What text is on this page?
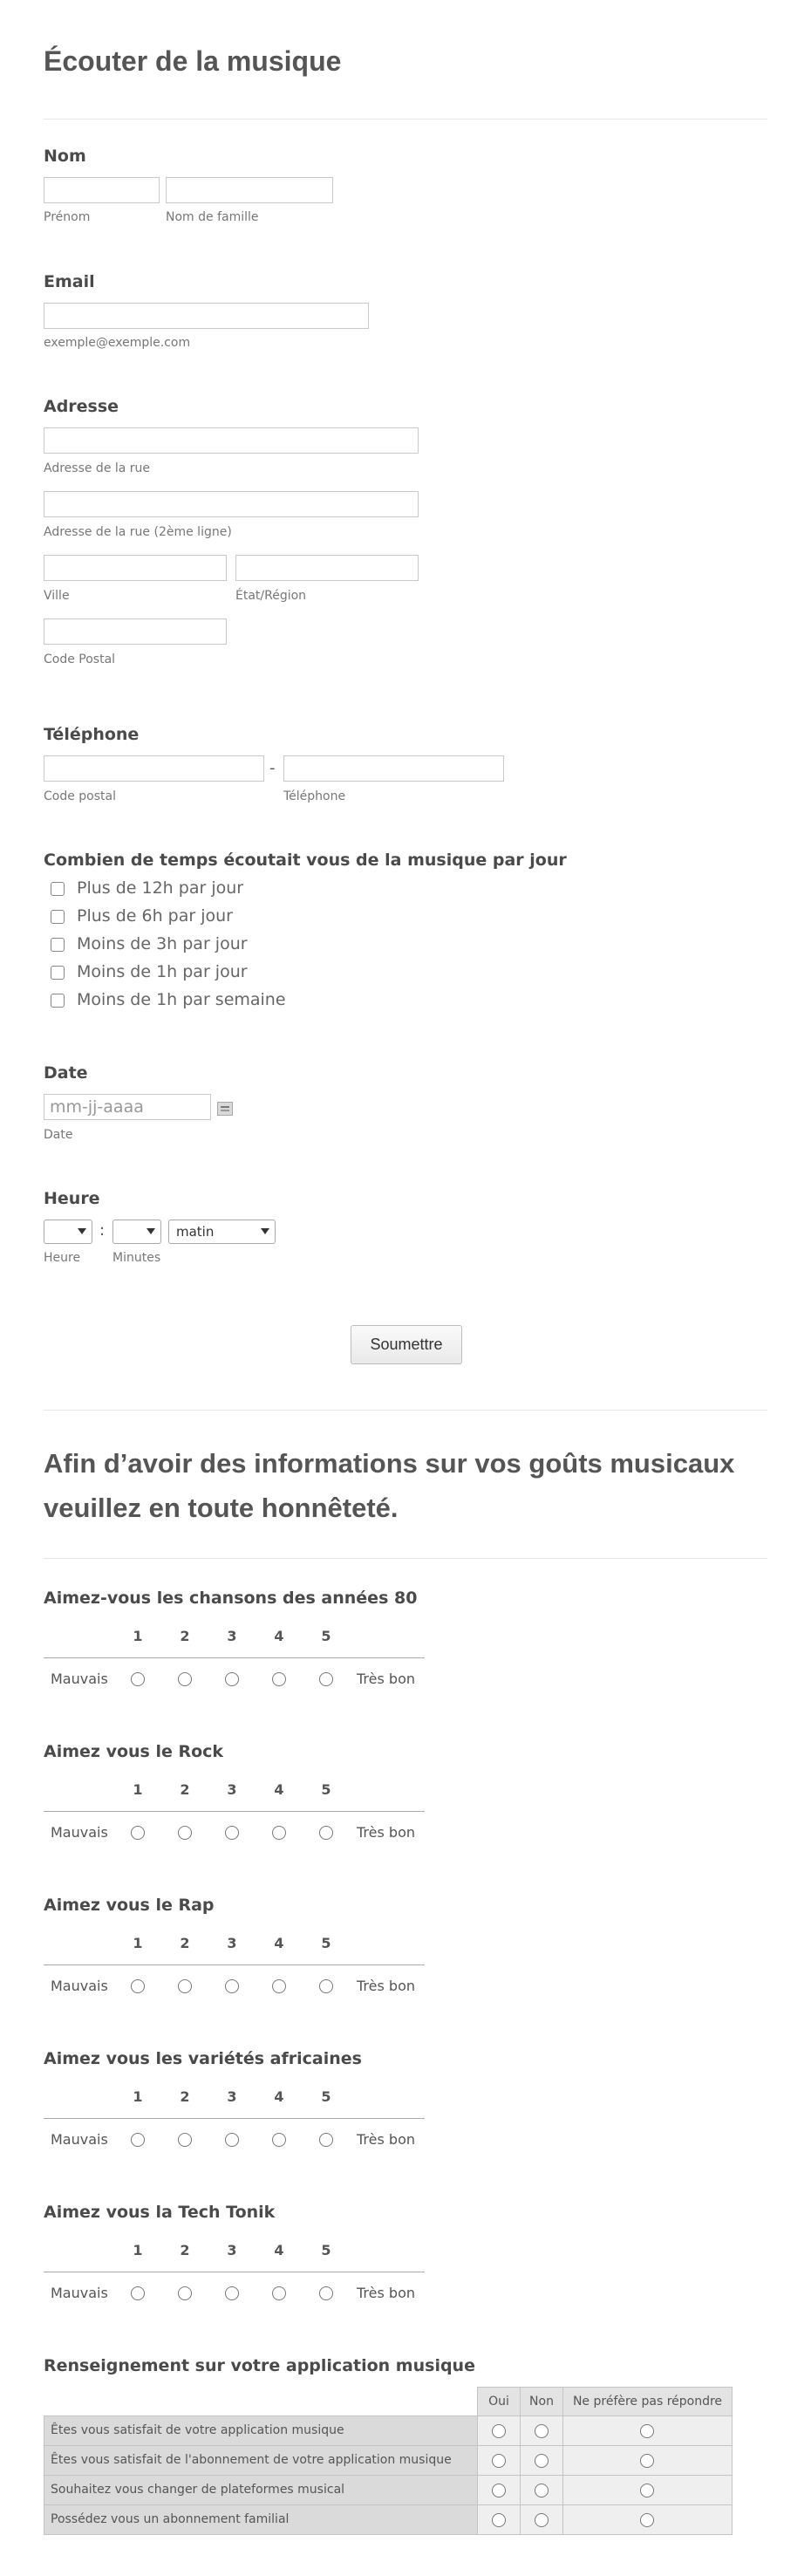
Écouter de la musique
Nom
Prénom	Nom de famille
Email
exemple@exemple.com
Adresse
Adresse de la rue
Adresse de la rue (2ème ligne)
Ville	État/Région
Code Postal
Téléphone
-
Code postal	Téléphone
Combien de temps écoutait vous de la musique par jour
Plus de 12h par jour
Plus de 6h par jour
Moins de 3h par jour
Moins de 1h par jour
Moins de 1h par semaine
Date
mm-jj-aaaa
Date
Heure
:	matin
Heure	Minutes
Soumettre
Afin d’avoir des informations sur vos goûts musicaux veuillez en toute honnêteté.
Aimez-vous les chansons des années 80
1	2	3	4	5
Mauvais	Très bon
Aimez vous le Rock
1	2	3	4	5
Mauvais	Très bon
Aimez vous le Rap
1	2	3	4	5
Mauvais	Très bon
Aimez vous les variétés africaines
1	2	3	4	5
Mauvais	Très bon
Aimez vous la Tech Tonik
1	2	3	4	5
Mauvais	Très bon
Renseignement sur votre application musique
Oui	Non	Ne préfère pas répondre
Êtes vous satisfait de votre application musique
Êtes vous satisfait de l'abonnement de votre application musique
Souhaitez vous changer de plateformes musical
Possédez vous un abonnement familial
